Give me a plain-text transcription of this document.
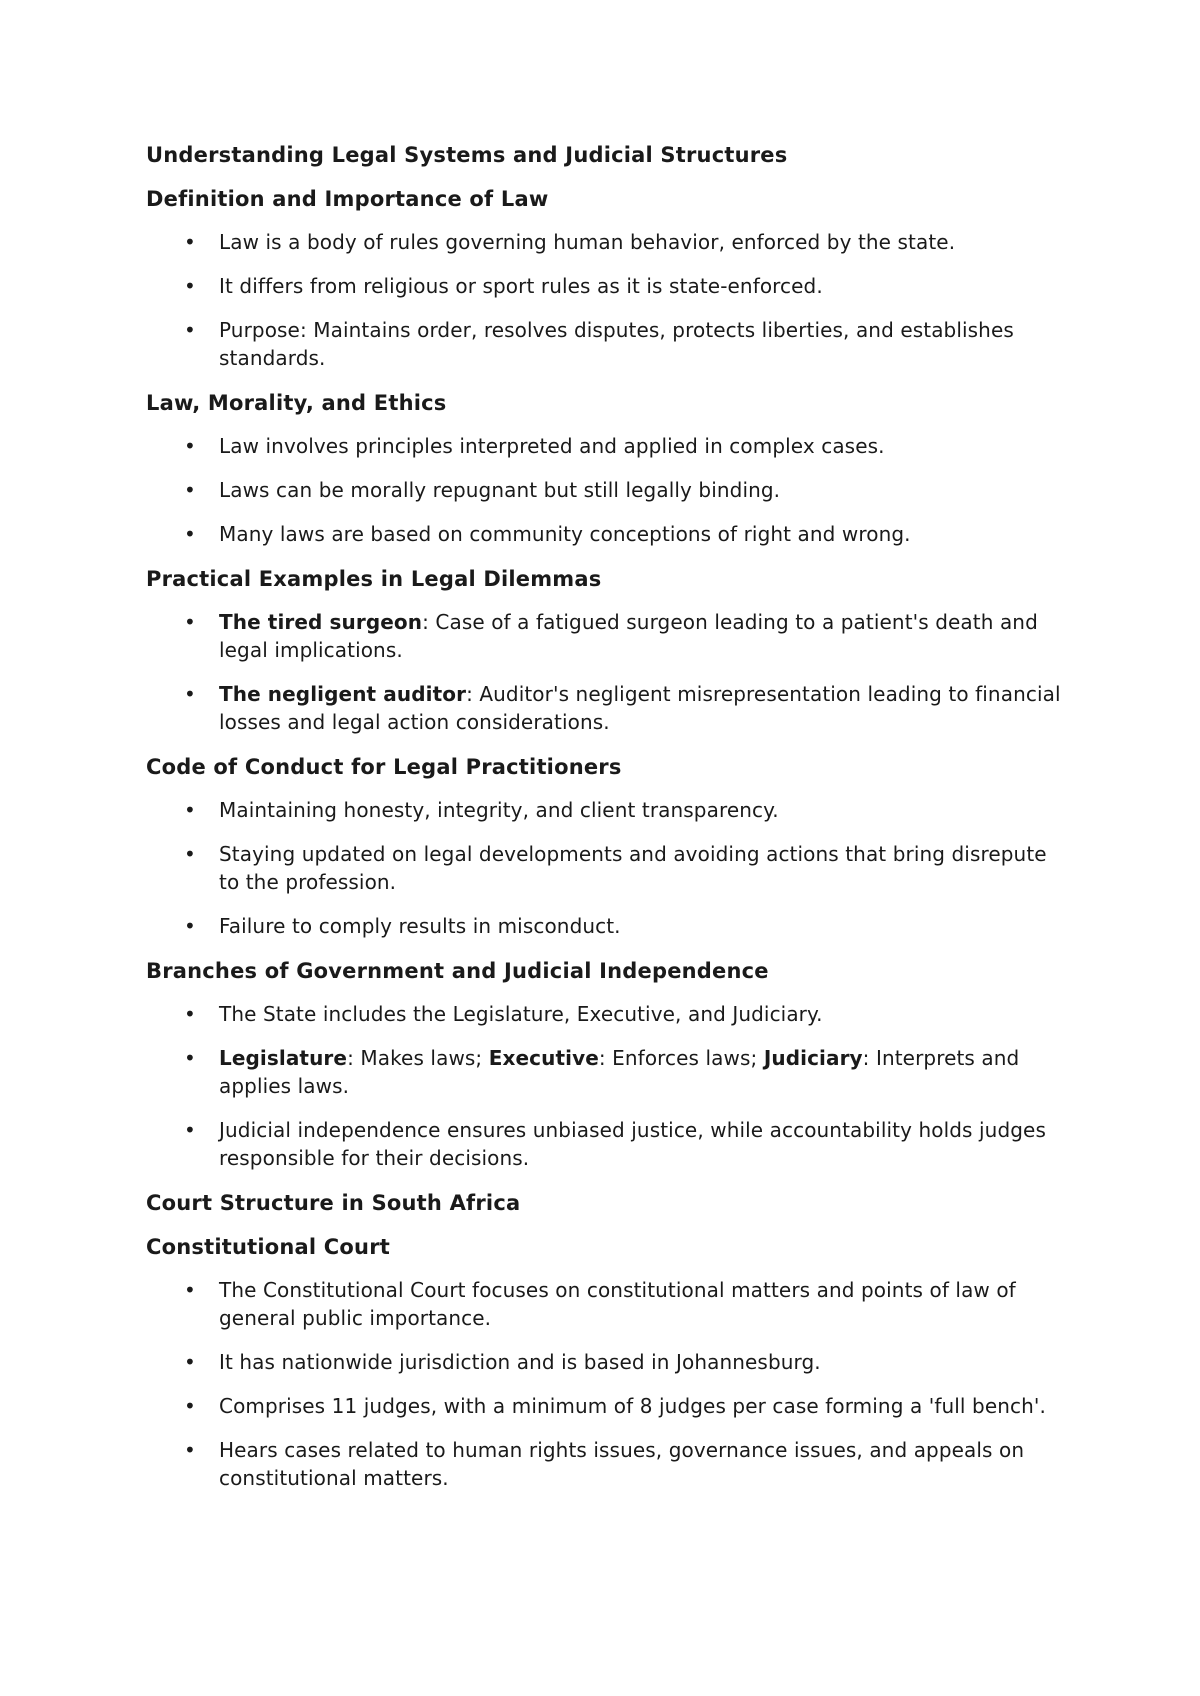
Understanding Legal Systems and Judicial Structures
Definition and Importance of Law
• Law is a body of rules governing human behavior, enforced by the state.
• It differs from religious or sport rules as it is state-enforced.
• Purpose: Maintains order, resolves disputes, protects liberties, and establishes standards.
Law, Morality, and Ethics
• Law involves principles interpreted and applied in complex cases.
• Laws can be morally repugnant but still legally binding.
• Many laws are based on community conceptions of right and wrong.
Practical Examples in Legal Dilemmas
• The tired surgeon: Case of a fatigued surgeon leading to a patient's death and legal implications.
• The negligent auditor: Auditor's negligent misrepresentation leading to financial losses and legal action considerations.
Code of Conduct for Legal Practitioners
• Maintaining honesty, integrity, and client transparency.
• Staying updated on legal developments and avoiding actions that bring disrepute to the profession.
• Failure to comply results in misconduct.
Branches of Government and Judicial Independence
• The State includes the Legislature, Executive, and Judiciary.
• Legislature: Makes laws; Executive: Enforces laws; Judiciary: Interprets and applies laws.
• Judicial independence ensures unbiased justice, while accountability holds judges responsible for their decisions.
Court Structure in South Africa
Constitutional Court
• The Constitutional Court focuses on constitutional matters and points of law of general public importance.
• It has nationwide jurisdiction and is based in Johannesburg.
• Comprises 11 judges, with a minimum of 8 judges per case forming a 'full bench'.
• Hears cases related to human rights issues, governance issues, and appeals on constitutional matters.
